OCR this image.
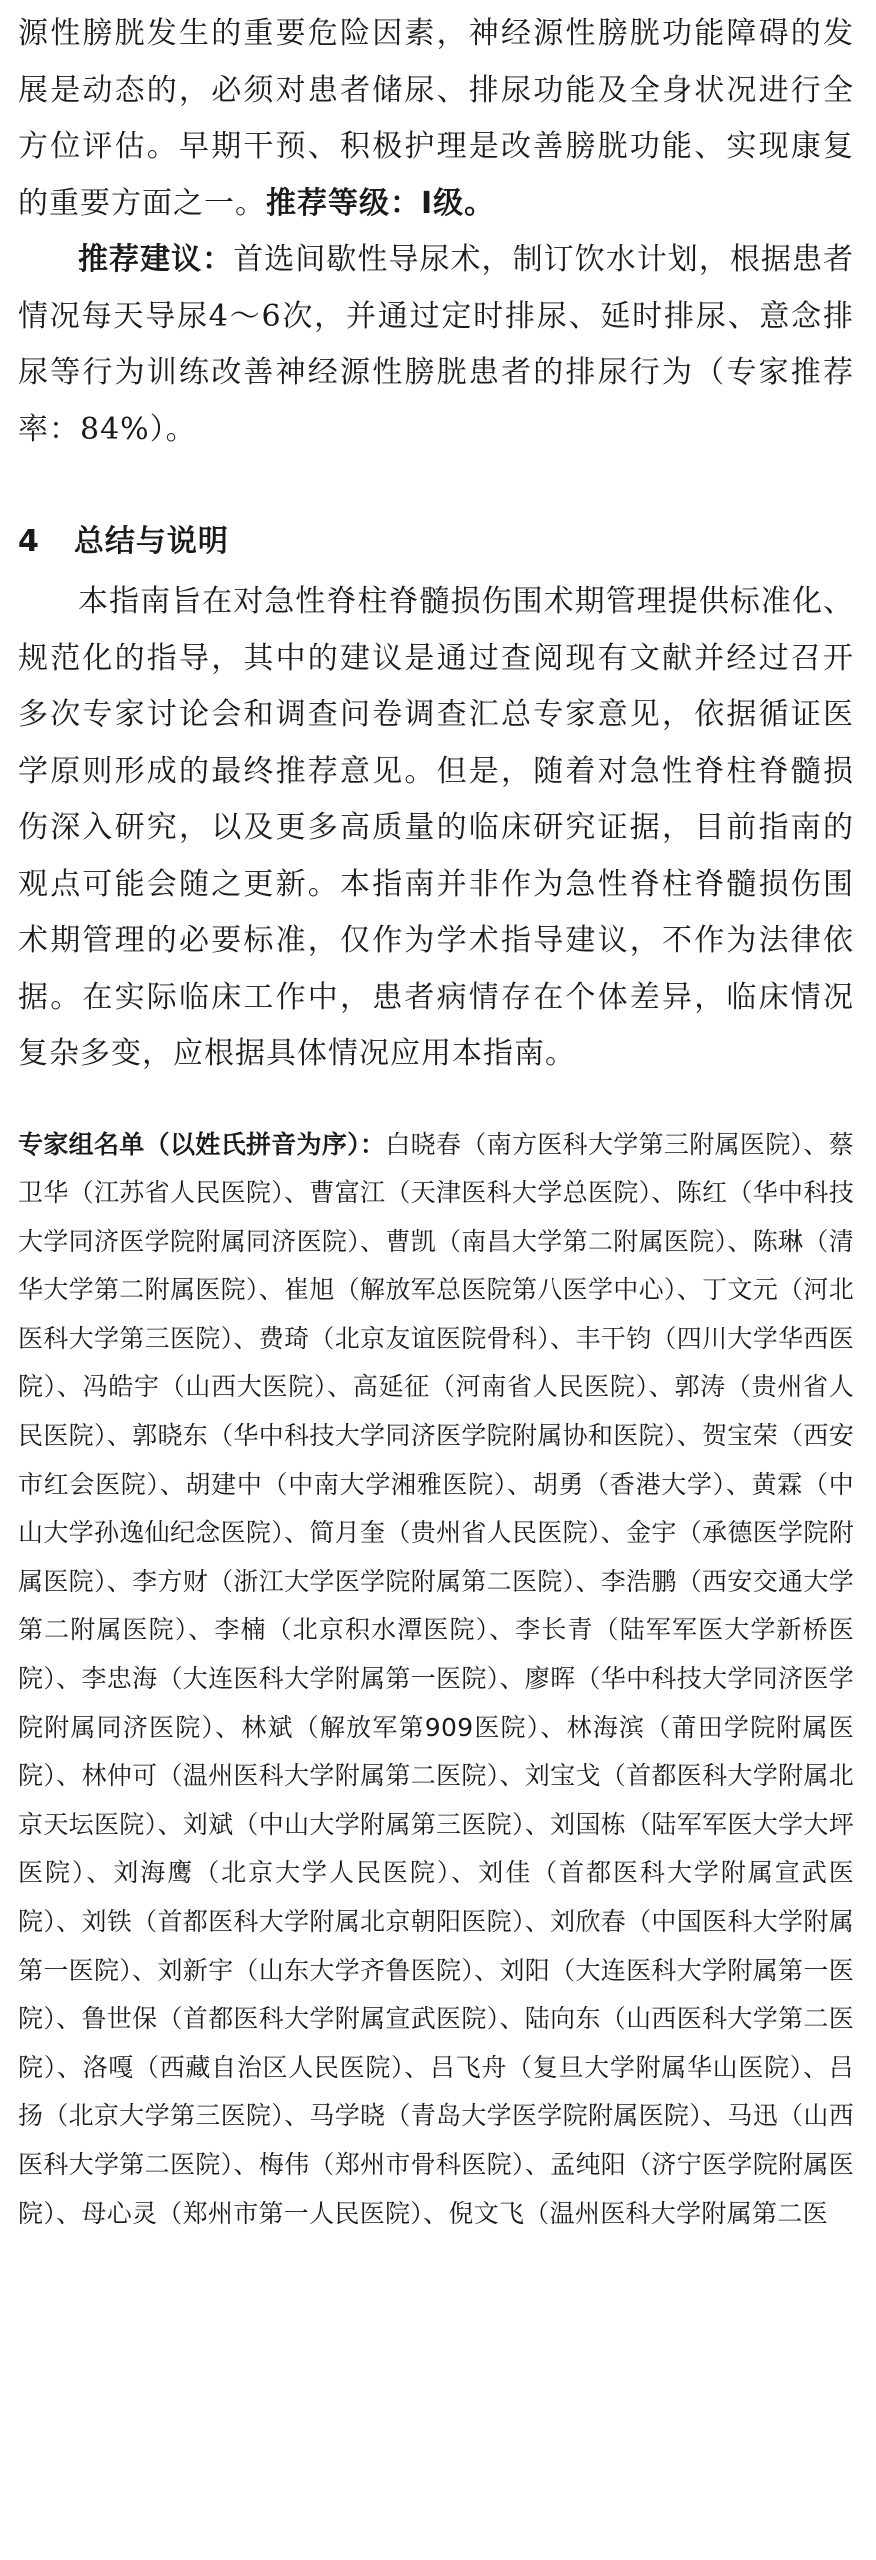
源性膀胱发生的重要危险因素，神经源性膀胱功能障碍的发展是动态的，必须对患者储尿、排尿功能及全身状况进行全方位评估。早期干预、积极护理是改善膀胱功能、实现康复的重要方面之一。推荐等级：Ⅰ级。

推荐建议：首选间歇性导尿术，制订饮水计划，根据患者情况每天导尿4～6次，并通过定时排尿、延时排尿、意念排尿等行为训练改善神经源性膀胱患者的排尿行为（专家推荐率：84%）。

4 总结与说明

本指南旨在对急性脊柱脊髓损伤围术期管理提供标准化、规范化的指导，其中的建议是通过查阅现有文献并经过召开多次专家讨论会和调查问卷调查汇总专家意见，依据循证医学原则形成的最终推荐意见。但是，随着对急性脊柱脊髓损伤深入研究，以及更多高质量的临床研究证据，目前指南的观点可能会随之更新。本指南并非作为急性脊柱脊髓损伤围术期管理的必要标准，仅作为学术指导建议，不作为法律依据。在实际临床工作中，患者病情存在个体差异，临床情况复杂多变，应根据具体情况应用本指南。

专家组名单（以姓氏拼音为序）：白晓春（南方医科大学第三附属医院）、蔡卫华（江苏省人民医院）、曹富江（天津医科大学总医院）、陈红（华中科技大学同济医学院附属同济医院）、曹凯（南昌大学第二附属医院）、陈琳（清华大学第二附属医院）、崔旭（解放军总医院第八医学中心）、丁文元（河北医科大学第三医院）、费琦（北京友谊医院骨科）、丰干钧（四川大学华西医院）、冯皓宇（山西大医院）、高延征（河南省人民医院）、郭涛（贵州省人民医院）、郭晓东（华中科技大学同济医学院附属协和医院）、贺宝荣（西安市红会医院）、胡建中（中南大学湘雅医院）、胡勇（香港大学）、黄霖（中山大学孙逸仙纪念医院）、简月奎（贵州省人民医院）、金宇（承德医学院附属医院）、李方财（浙江大学医学院附属第二医院）、李浩鹏（西安交通大学第二附属医院）、李楠（北京积水潭医院）、李长青（陆军军医大学新桥医院）、李忠海（大连医科大学附属第一医院）、廖晖（华中科技大学同济医学院附属同济医院）、林斌（解放军第909医院）、林海滨（莆田学院附属医院）、林仲可（温州医科大学附属第二医院）、刘宝戈（首都医科大学附属北京天坛医院）、刘斌（中山大学附属第三医院）、刘国栋（陆军军医大学大坪医院）、刘海鹰（北京大学人民医院）、刘佳（首都医科大学附属宣武医院）、刘铁（首都医科大学附属北京朝阳医院）、刘欣春（中国医科大学附属第一医院）、刘新宇（山东大学齐鲁医院）、刘阳（大连医科大学附属第一医院）、鲁世保（首都医科大学附属宣武医院）、陆向东（山西医科大学第二医院）、洛嘎（西藏自治区人民医院）、吕飞舟（复旦大学附属华山医院）、吕扬（北京大学第三医院）、马学晓（青岛大学医学院附属医院）、马迅（山西医科大学第二医院）、梅伟（郑州市骨科医院）、孟纯阳（济宁医学院附属医院）、母心灵（郑州市第一人民医院）、倪文飞（温州医科大学附属第二医
